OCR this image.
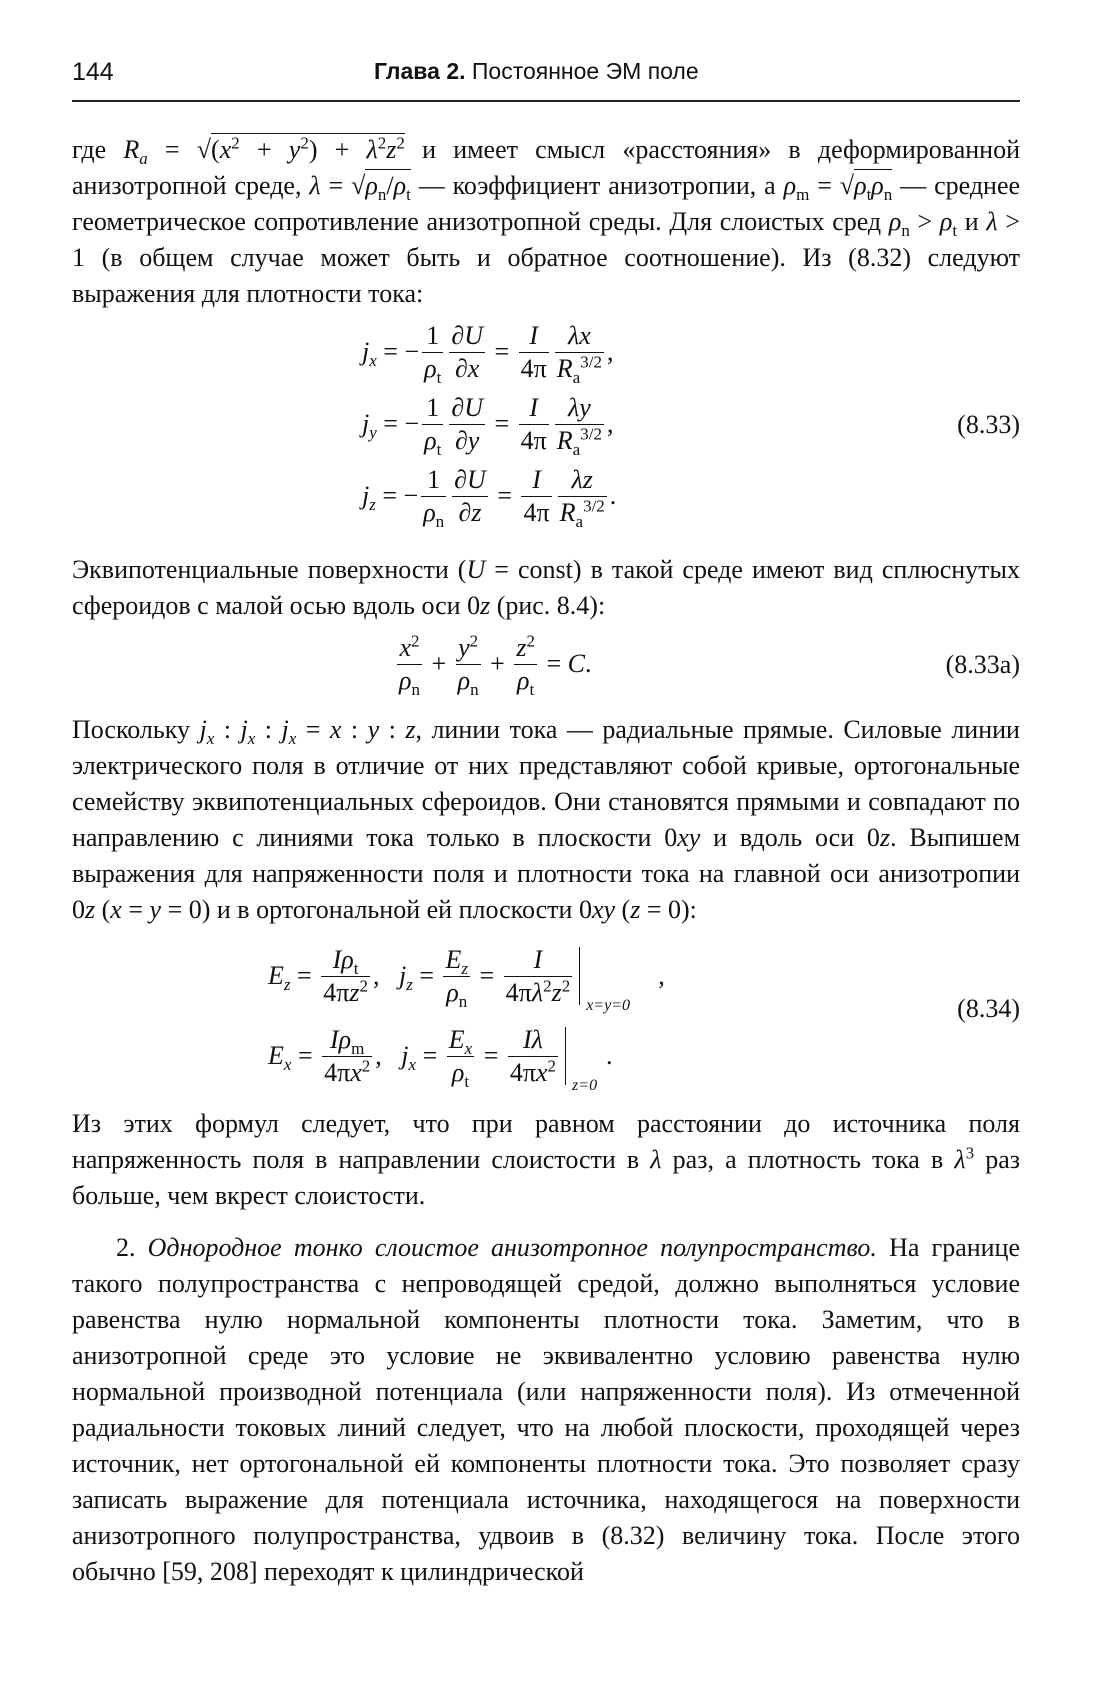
144	Глава 2. Постоянное ЭМ поле

где $R_a = √(x^2 + y^2) + \lambda^2z^2$ и имеет смысл «расстояния» в деформированной анизотропной среде, $\lambda = √\rho_n/\rho_t$ — коэффициент анизотропии, а $\rho_m = √\rho_t\rho_n$ — среднее геометрическое сопротивление анизотропной среды. Для слоистых сред $\rho_n > \rho_t$ и λ > 1 (в общем случае может быть и обратное соотношение). Из (8.32) следуют выражения для плотности тока:

$j_x$ = − $\frac{1}{\rho_t} \frac{\partial U}{\partial x} = \frac{I}{4\pi} \frac{\lambda x}{R_a^{3/2}}$ ,
$j_y$ = − $\frac{1}{\rho_t} \frac{\partial U}{\partial y} = \frac{I}{4\pi} \frac{\lambda y}{R_a^{3/2}}$ ,
$j_z$ = − $\frac{1}{\rho_n} \frac{\partial U}{\partial z} = \frac{I}{4\pi} \frac{\lambda z}{R_a^{3/2}}$ .
(8.33)

Эквипотенциальные поверхности (U = const) в такой среде имеют вид сплюснутых сфероидов с малой осью вдоль оси 0z (рис. 8.4):

$\frac{x^2}{\rho_n} + \frac{y^2}{\rho_n} + \frac{z^2}{\rho_t} = C$ .	(8.33a)

Поскольку $j_x$ : $j_x$ : $j_x = x$ : y : z, линии тока — радиальные прямые. Силовые линии электрического поля в отличие от них представляют собой кривые, ортогональные семейству эквипотенциальных сфероидов. Они становятся прямыми и совпадают по направлению с линиями тока только в плоскости 0xy и вдоль оси 0z. Выпишем выражения для напряженности поля и плотности тока на главной оси анизотропии 0z (x = y = 0) и в ортогональной ей плоскости 0xy (z = 0):

$E_z = \frac{I\rho_t}{4\pi z^2}$ , $j_z = \frac{E_z}{\rho_n} = \frac{I}{4\pi\lambda^2z^2} x=y=0$
,
$E_x = \frac{I\rho_m}{4\pi x^2}$ , $j_x = \frac{E_x}{\rho_t} = \frac{I\lambda}{4\pi x^2} z=0$
.
(8.34)

Из этих формул следует, что при равном расстоянии до источника поля напряженность поля в направлении слоистости в λ раз, а плотность тока в $\lambda^3$ раз больше, чем вкрест слоистости.

2. Однородное тонко слоистое анизотропное полупространство. На границе такого полупространства с непроводящей средой, должно выполняться условие равенства нулю нормальной компоненты плотности тока. Заметим, что в анизотропной среде это условие не эквивалентно условию равенства нулю нормальной производной потенциала (или напряженности поля). Из отмеченной радиальности токовых линий следует, что на любой плоскости, проходящей через источник, нет ортогональной ей компоненты плотности тока. Это позволяет сразу записать выражение для потенциала источника, находящегося на поверхности анизотропного полупространства, удвоив в (8.32) величину тока. После этого обычно [59, 208] переходят к цилиндрической
